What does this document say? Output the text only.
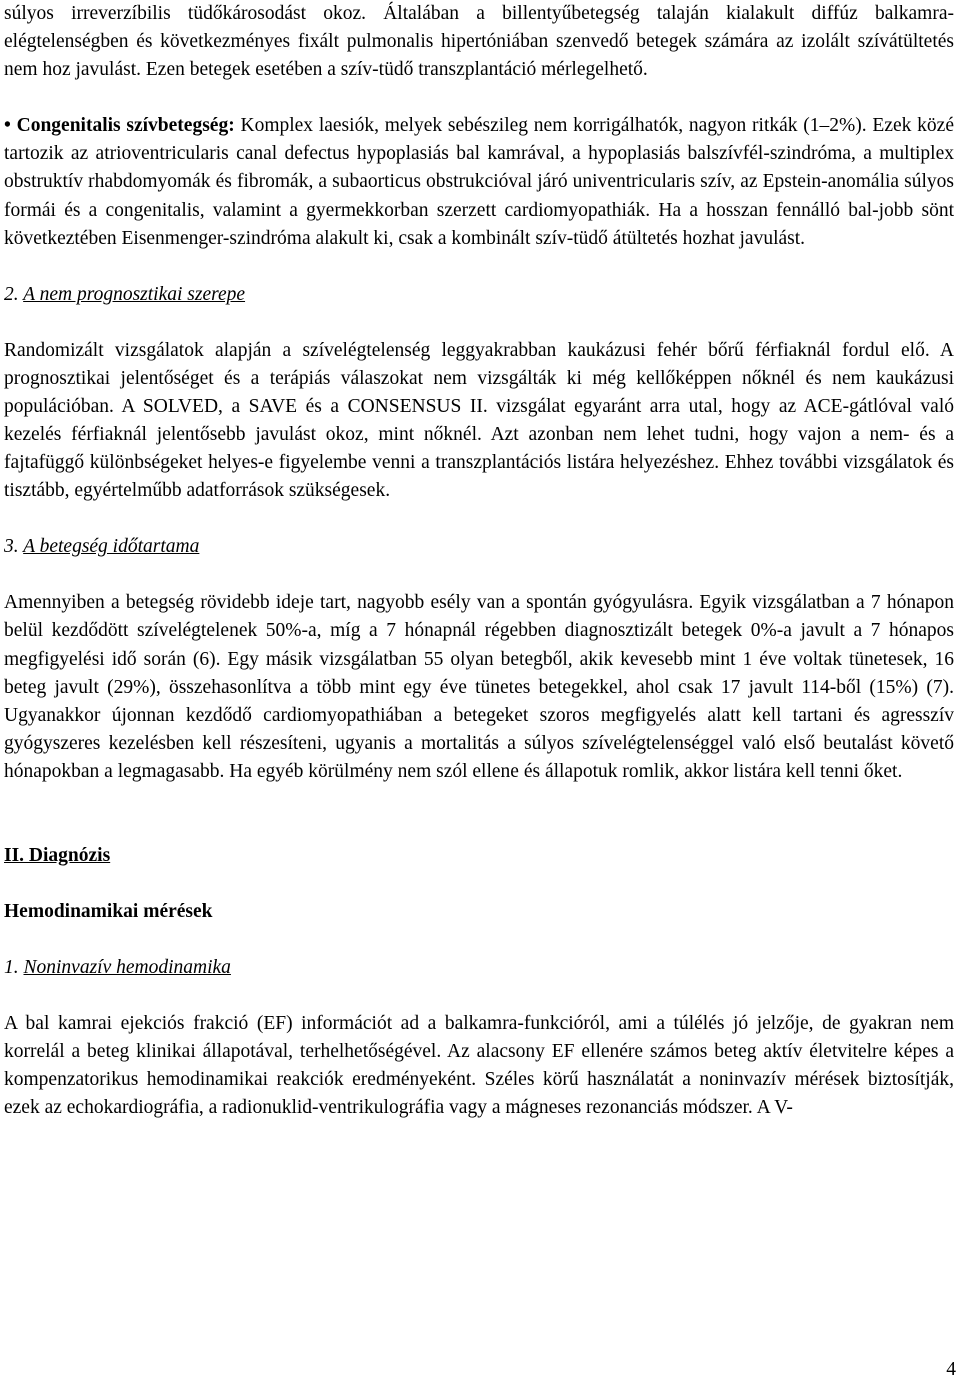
súlyos irreverzíbilis tüdőkárosodást okoz. Általában a billentyűbetegség talaján kialakult diffúz balkamra-elégtelenségben és következményes fixált pulmonalis hipertóniában szenvedő betegek számára az izolált szívátültetés nem hoz javulást. Ezen betegek esetében a szív-tüdő transzplantáció mérlegelhető.

• Congenitalis szívbetegség: Komplex laesiók, melyek sebészileg nem korrigálhatók, nagyon ritkák (1–2%). Ezek közé tartozik az atrioventricularis canal defectus hypoplasiás bal kamrával, a hypoplasiás balszívfél-szindróma, a multiplex obstruktív rhabdomyomák és fibromák, a subaorticus obstrukcióval járó univentricularis szív, az Epstein-anomália súlyos formái és a congenitalis, valamint a gyermekkorban szerzett cardiomyopathiák. Ha a hosszan fennálló bal-jobb sönt következtében Eisenmenger-szindróma alakult ki, csak a kombinált szív-tüdő átültetés hozhat javulást.

2. A nem prognosztikai szerepe

Randomizált vizsgálatok alapján a szívelégtelenség leggyakrabban kaukázusi fehér bőrű férfiaknál fordul elő. A prognosztikai jelentőséget és a terápiás válaszokat nem vizsgálták ki még kellőképpen nőknél és nem kaukázusi populációban. A SOLVED, a SAVE és a CONSENSUS II. vizsgálat egyaránt arra utal, hogy az ACE-gátlóval való kezelés férfiaknál jelentősebb javulást okoz, mint nőknél. Azt azonban nem lehet tudni, hogy vajon a nem- és a fajtafüggő különbségeket helyes-e figyelembe venni a transzplantációs listára helyezéshez. Ehhez további vizsgálatok és tisztább, egyértelműbb adatforrások szükségesek.

3. A betegség időtartama

Amennyiben a betegség rövidebb ideje tart, nagyobb esély van a spontán gyógyulásra. Egyik vizsgálatban a 7 hónapon belül kezdődött szívelégtelenek 50%-a, míg a 7 hónapnál régebben diagnosztizált betegek 0%-a javult a 7 hónapos megfigyelési idő során (6). Egy másik vizsgálatban 55 olyan betegből, akik kevesebb mint 1 éve voltak tünetesek, 16 beteg javult (29%), összehasonlítva a több mint egy éve tünetes betegekkel, ahol csak 17 javult 114-ből (15%) (7). Ugyanakkor újonnan kezdődő cardiomyopathiában a betegeket szoros megfigyelés alatt kell tartani és agresszív gyógyszeres kezelésben kell részesíteni, ugyanis a mortalitás a súlyos szívelégtelenséggel való első beutalást követő hónapokban a legmagasabb. Ha egyéb körülmény nem szól ellene és állapotuk romlik, akkor listára kell tenni őket.

II. Diagnózis

Hemodinamikai mérések

1. Noninvazív hemodinamika

A bal kamrai ejekciós frakció (EF) információt ad a balkamra-funkcióról, ami a túlélés jó jelzője, de gyakran nem korrelál a beteg klinikai állapotával, terhelhetőségével. Az alacsony EF ellenére számos beteg aktív életvitelre képes a kompenzatorikus hemodinamikai reakciók eredményeként. Széles körű használatát a noninvazív mérések biztosítják, ezek az echokardiográfia, a radionuklid-ventrikulográfia vagy a mágneses rezonanciás módszer. A V-

4
